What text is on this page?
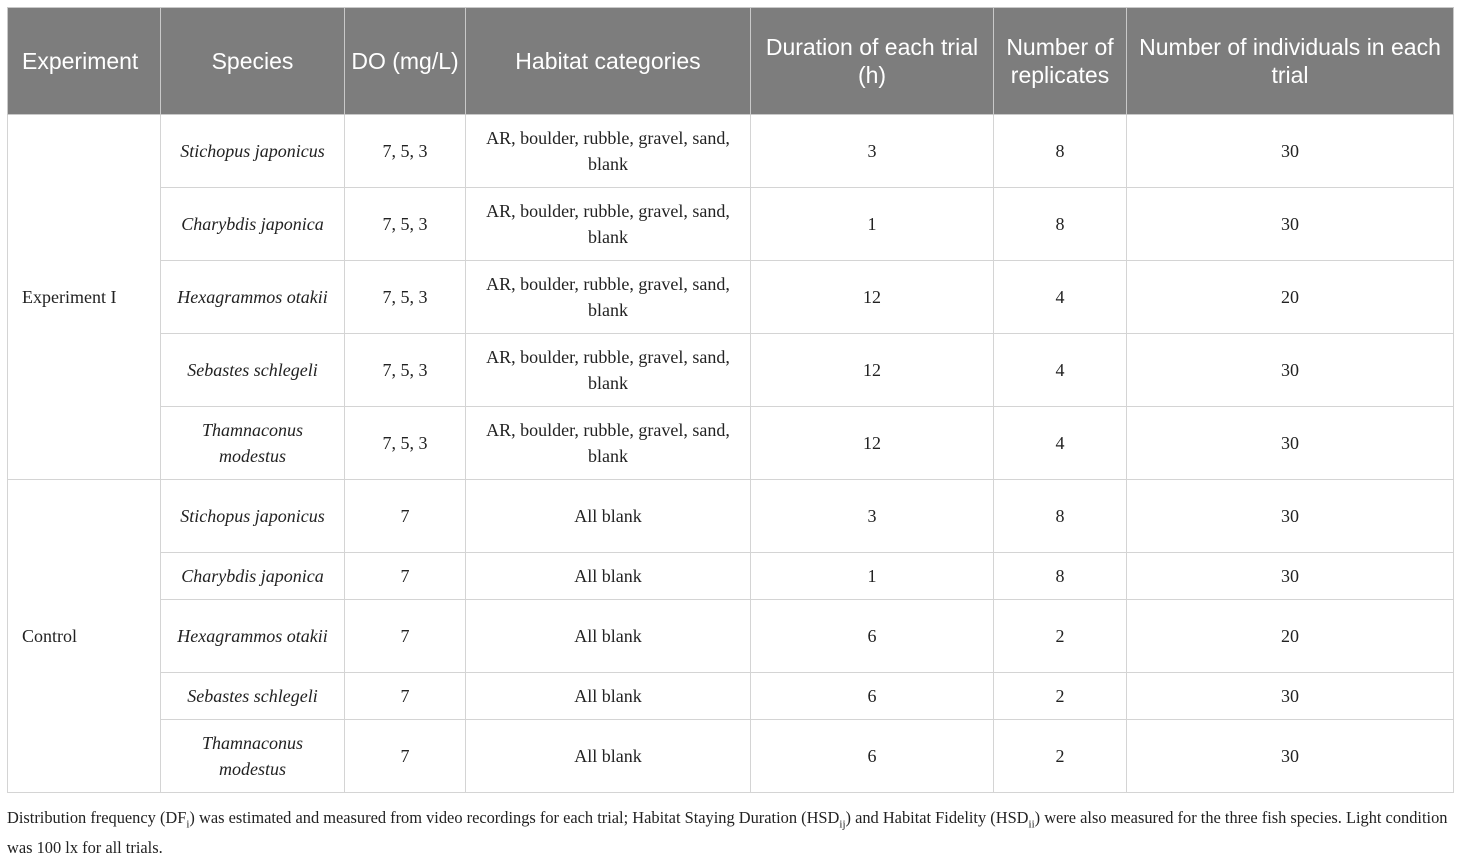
Experiment	Species	DO (mg/L)	Habitat categories	Duration of each trial (h)	Number of replicates	Number of individuals in each trial
Experiment I	Stichopus japonicus	7, 5, 3	AR, boulder, rubble, gravel, sand, blank	3	8	30
	Charybdis japonica	7, 5, 3	AR, boulder, rubble, gravel, sand, blank	1	8	30
	Hexagrammos otakii	7, 5, 3	AR, boulder, rubble, gravel, sand, blank	12	4	20
	Sebastes schlegeli	7, 5, 3	AR, boulder, rubble, gravel, sand, blank	12	4	30
	Thamnaconus modestus	7, 5, 3	AR, boulder, rubble, gravel, sand, blank	12	4	30
Control	Stichopus japonicus	7	All blank	3	8	30
	Charybdis japonica	7	All blank	1	8	30
	Hexagrammos otakii	7	All blank	6	2	20
	Sebastes schlegeli	7	All blank	6	2	30
	Thamnaconus modestus	7	All blank	6	2	30
Distribution frequency $(DF_i)$ was estimated and measured from video recordings for each trial; Habitat Staying Duration $(HSD_{ij})$ and Habitat Fidelity $(HSD_{ii})$ were also measured for the three fish species. Light condition was 100 lx for all trials.
